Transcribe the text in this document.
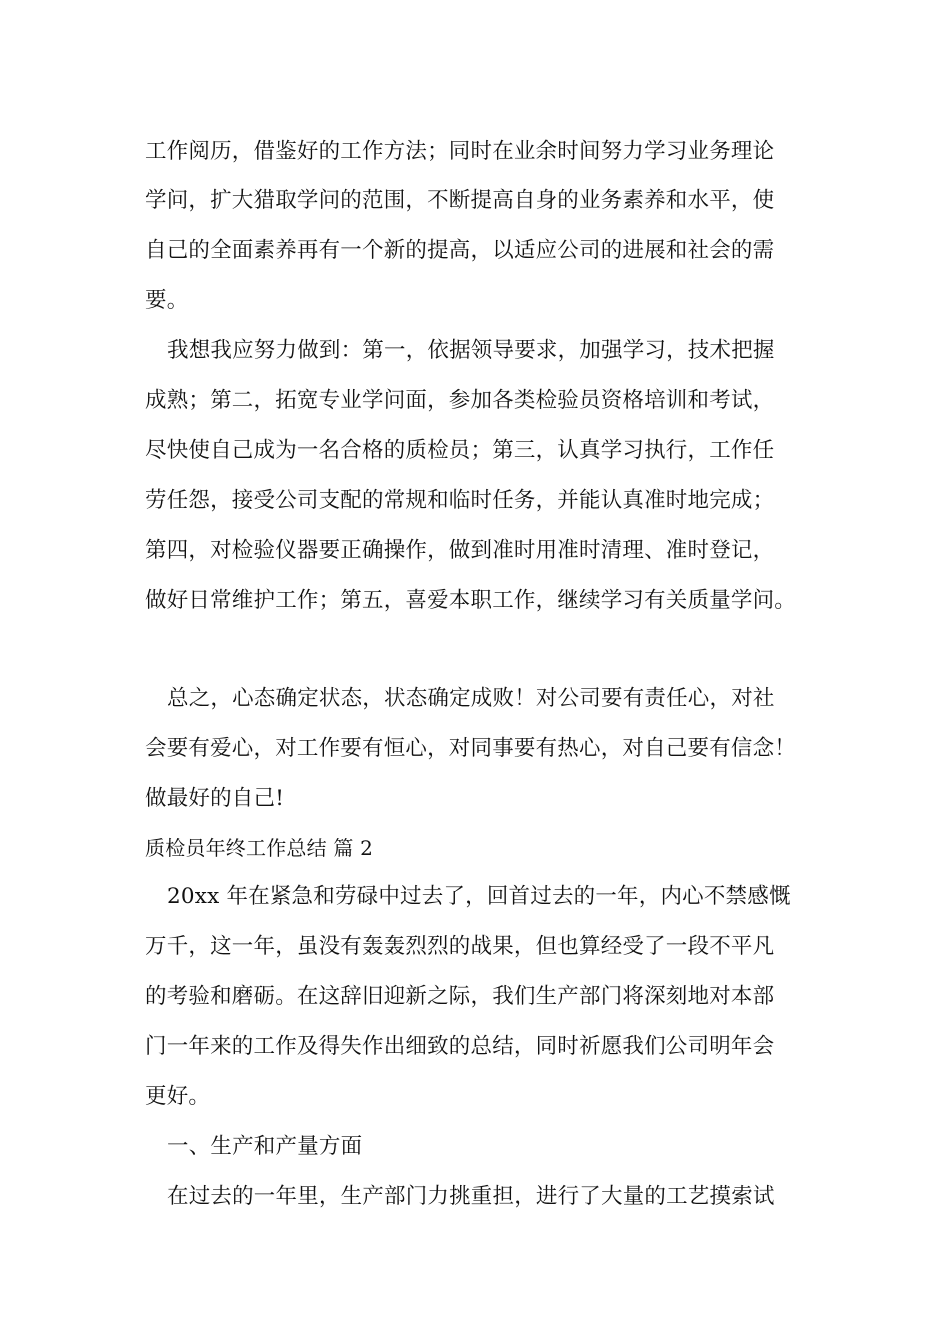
工作阅历，借鉴好的工作方法；同时在业余时间努力学习业务理论
学问，扩大猎取学问的范围，不断提高自身的业务素养和水平，使
自己的全面素养再有一个新的提高，以适应公司的进展和社会的需
要。
我想我应努力做到：第一，依据领导要求，加强学习，技术把握
成熟；第二，拓宽专业学问面，参加各类检验员资格培训和考试，
尽快使自己成为一名合格的质检员；第三，认真学习执行，工作任
劳任怨，接受公司支配的常规和临时任务，并能认真准时地完成；
第四，对检验仪器要正确操作，做到准时用准时清理、准时登记，
做好日常维护工作；第五，喜爱本职工作，继续学习有关质量学问。
总之，心态确定状态，状态确定成败！对公司要有责任心，对社
会要有爱心，对工作要有恒心，对同事要有热心，对自己要有信念！
做最好的自己!
质检员年终工作总结 篇 2
20xx 年在紧急和劳碌中过去了，回首过去的一年，内心不禁感慨
万千，这一年，虽没有轰轰烈烈的战果，但也算经受了一段不平凡
的考验和磨砺。在这辞旧迎新之际，我们生产部门将深刻地对本部
门一年来的工作及得失作出细致的总结，同时祈愿我们公司明年会
更好。
一、生产和产量方面
在过去的一年里，生产部门力挑重担，进行了大量的工艺摸索试
